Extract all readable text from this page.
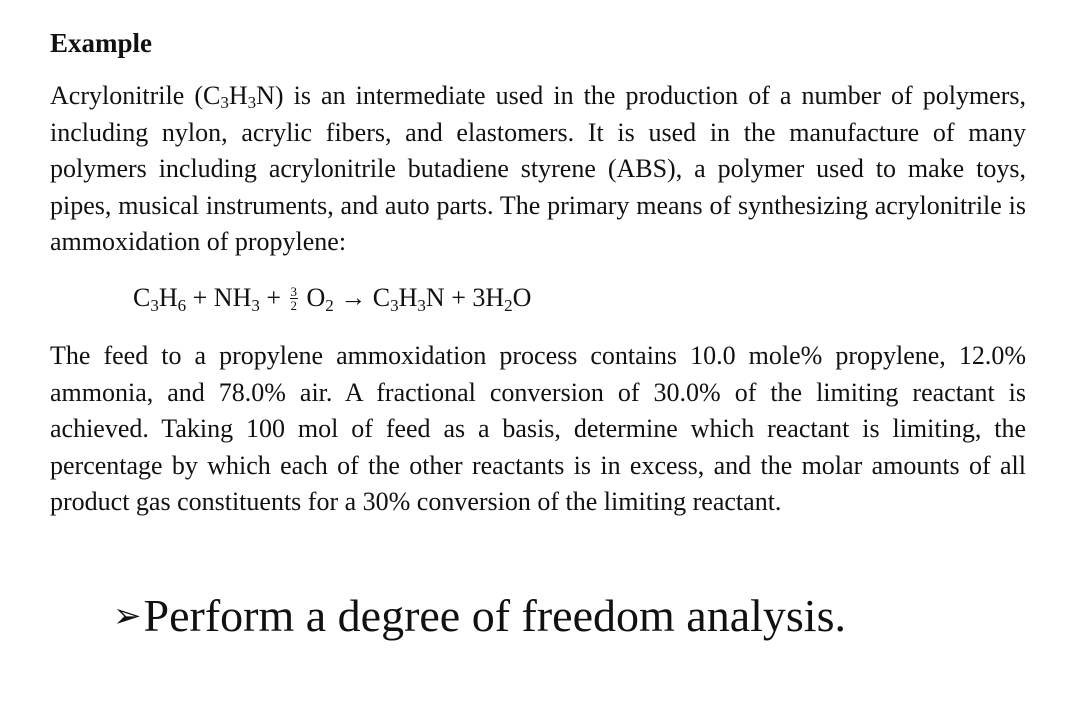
Example

Acrylonitrile $(C_3H_3N)$ is an intermediate used in the production of a number of polymers, including nylon, acrylic fibers, and elastomers. It is used in the manufacture of many polymers including acrylonitrile butadiene styrene (ABS), a polymer used to make toys, pipes, musical instruments, and auto parts. The primary means of synthesizing acrylonitrile is ammoxidation of propylene:

$C_3H_6 + NH_3 + \frac{3}{2} O_2 \to C_3H_3N + 3H_2O$

The feed to a propylene ammoxidation process contains 10.0 mole% propylene, 12.0% ammonia, and 78.0% air. A fractional conversion of 30.0% of the limiting reactant is achieved. Taking 100 mol of feed as a basis, determine which reactant is limiting, the percentage by which each of the other reactants is in excess, and the molar amounts of all product gas constituents for a 30% conversion of the limiting reactant.

➢Perform a degree of freedom analysis.
